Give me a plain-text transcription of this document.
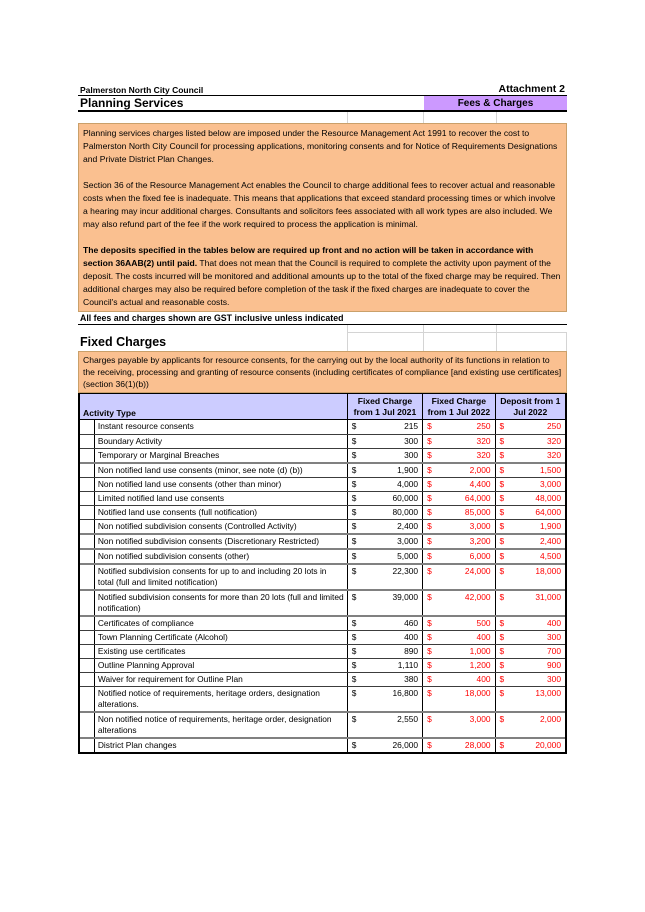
Palmerston North City Council	Attachment 2
Planning Services	Fees & Charges

Planning services charges listed below are imposed under the Resource Management Act 1991 to recover the cost to Palmerston North City Council for processing applications, monitoring consents and for Notice of Requirements Designations and Private District Plan Changes.

Section 36 of the Resource Management Act enables the Council to charge additional fees to recover actual and reasonable costs when the fixed fee is inadequate. This means that applications that exceed standard processing times or which involve a hearing may incur additional charges. Consultants and solicitors fees associated with all work types are also included. We may also refund part of the fee if the work required to process the application is minimal.

The deposits specified in the tables below are required up front and no action will be taken in accordance with section 36AAB(2) until paid. That does not mean that the Council is required to complete the activity upon payment of the deposit. The costs incurred will be monitored and additional amounts up to the total of the fixed charge may be required. Then additional charges may also be required before completion of the task if the fixed charges are inadequate to cover the Council's actual and reasonable costs.

All fees and charges shown are GST inclusive unless indicated
Fixed Charges
Charges payable by applicants for resource consents, for the carrying out by the local authority of its functions in relation to the receiving, processing and granting of resource consents (including certificates of compliance [and existing use certificates] (section 36(1)(b))
Activity Type
Fixed Charge
from 1 Jul 2021
Fixed Charge
from 1 Jul 2022
Deposit from 1
Jul 2022
Instant resource consents	$	215 $	250 $	250
Boundary Activity	$	300 $	320 $	320
Temporary or Marginal Breaches	$	300 $	320 $	320
Non notified land use consents (minor, see note (d) (b))	$	1,900 $	2,000 $	1,500
Non notified land use consents (other than minor)	$	4,000 $	4,400 $	3,000
Limited notified land use consents	$	60,000 $	64,000 $	48,000
Notified land use consents (full notification)	$	80,000 $	85,000 $	64,000
Non notified subdivision consents (Controlled Activity)	$	2,400 $	3,000 $	1,900
Non notified subdivision consents (Discretionary Restricted)	$	3,000 $	3,200 $	2,400
Non notified subdivision consents (other)	$	5,000 $	6,000 $	4,500
Notified subdivision consents for up to and including 20 lots in total (full and limited notification)
$	22,300 $	24,000 $	18,000
Notified subdivision consents for more than 20 lots (full and limited notification)
$	39,000 $	42,000 $	31,000
Certificates of compliance	$	460 $	500 $	400
Town Planning Certificate (Alcohol)	$	400 $	400 $	300
Existing use certificates	$	890 $	1,000 $	700
Outline Planning Approval	$	1,110 $	1,200 $	900
Waiver for requirement for Outline Plan	$	380 $	400 $	300
Notified notice of requirements, heritage orders, designation alterations.
$	16,800 $	18,000 $	13,000
Non notified notice of requirements, heritage order, designation alterations
$	2,550 $	3,000 $	2,000
District Plan changes	$	26,000 $	28,000 $	20,000
